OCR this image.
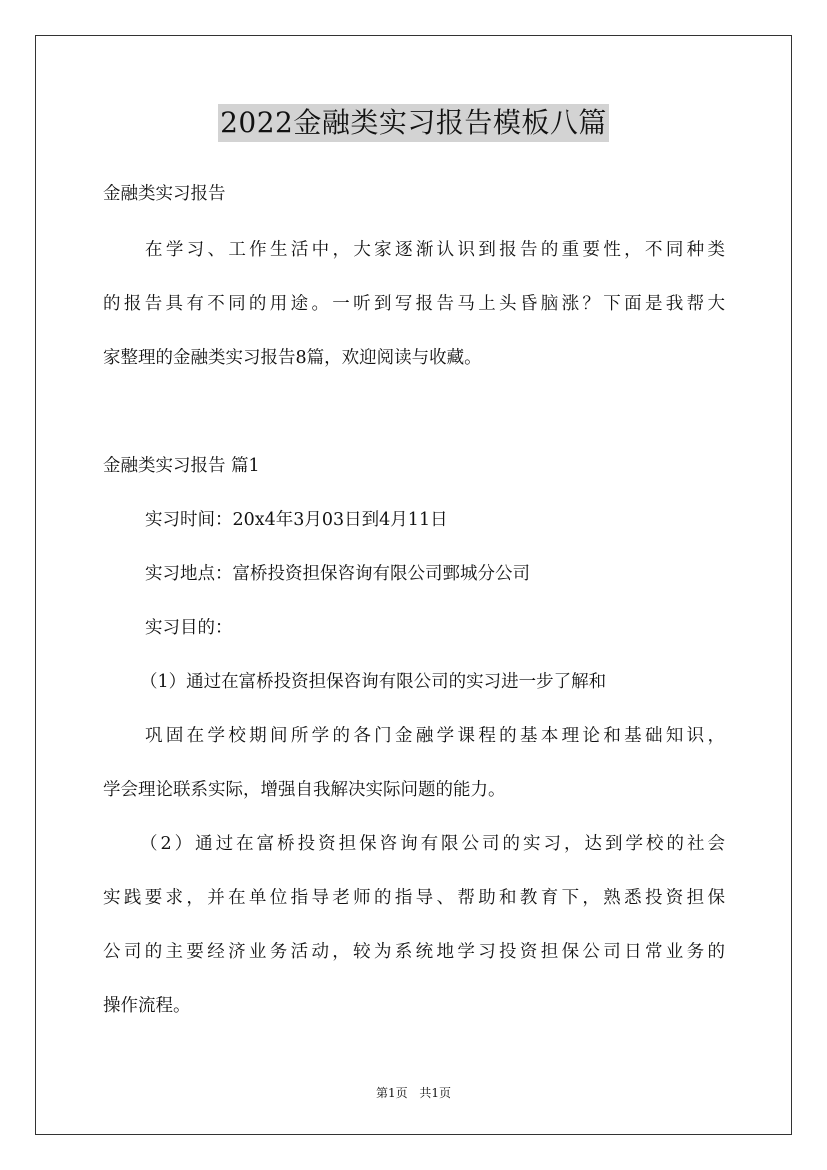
2022金融类实习报告模板八篇
金融类实习报告
在学习、工作生活中，大家逐渐认识到报告的重要性，不同种类
的报告具有不同的用途。一听到写报告马上头昏脑涨？下面是我帮大
家整理的金融类实习报告8篇，欢迎阅读与收藏。
金融类实习报告 篇1
实习时间：20x4年3月03日到4月11日
实习地点：富桥投资担保咨询有限公司鄄城分公司
实习目的：
（1）通过在富桥投资担保咨询有限公司的实习进一步了解和
巩固在学校期间所学的各门金融学课程的基本理论和基础知识，
学会理论联系实际，增强自我解决实际问题的能力。
（2）通过在富桥投资担保咨询有限公司的实习，达到学校的社会
实践要求，并在单位指导老师的指导、帮助和教育下，熟悉投资担保
公司的主要经济业务活动，较为系统地学习投资担保公司日常业务的
操作流程。
第1页 共1页
